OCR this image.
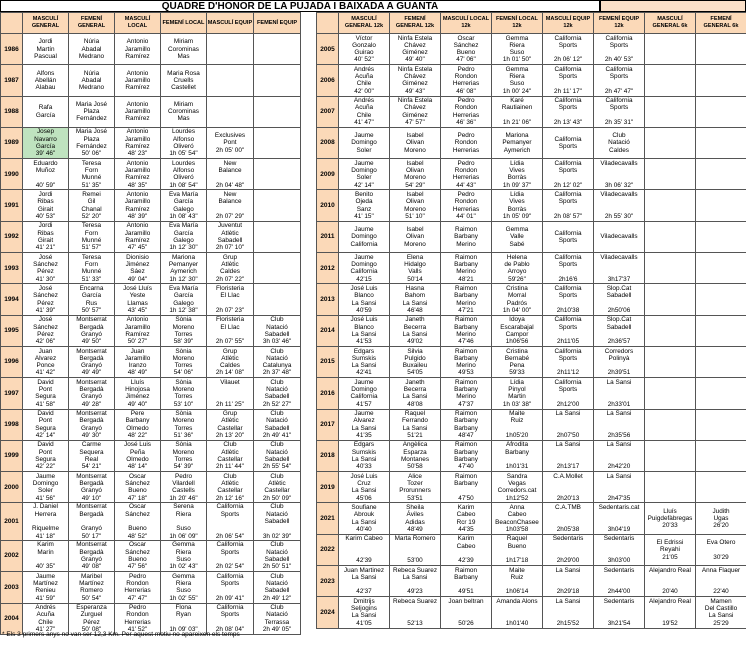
QUADRE D'HONOR DE LA PUJADA I BAIXADA A GUANTA
	MASCULÍ GENERAL	FEMENÍ GENERAL	MASCULÍ LOCAL	FEMENÍ LOCAL	MASCULÍ EQUIP	FEMENÍ EQUIP
1986	Jordi
Martín
Pascual	Núria
Abadal
Medrano	Antonio
Jaramillo
Ramírez	Miriam
Corominas
Mas		
1987	Alfons
Abellán
Alabau	Núria
Abadal
Medrano	Antonio
Jaramillo
Ramírez	Maria Rosa
Cruells
Castellet		
1988	Rafa
García	Maria José
Plaza
Fernández	Antonio
Jaramillo
Ramírez	Miriam
Corominas
Mas		
1989	Josep
Navarro
García
39' 46"	Maria José
Plaza
Fernández
50' 06"	Antonio
Jaramillo
Ramírez
48' 23"	Lourdes
Alfonso
Oliveró
1h 05' 54"	Exclusives
Pont
2h 05' 00"	
1990	Eduardo
Muñoz

40' 59"	Teresa
Forn
Munné
51' 35"	Antonio
Jaramillo
Ramírez
48' 35"	Lourdes
Alfonso
Oliveró
1h 08' 54"	New
Balance

2h 04' 48"	
1991	Jordi
Ribas
Girait
40' 53"	Remei
Gil
Chanal
52' 20"	Antonio
Jaramillo
Ramírez
48' 39"	Eva María
García
Galego
1h 08' 43"	New
Balance

2h 07' 29"	
1992	Jordi
Ribas
Girait
41' 21"	Teresa
Forn
Munné
51' 57"	Antonio
Jaramillo
Ramírez
47' 45"	Eva María
García
Galego
1h 12' 30"	Juventut
Atlètic
Sabadell
2h 07' 10"	
1993	José
Sánchez
Pérez
41' 30"	Teresa
Forn
Munné
51' 33"	Dionisio
Jiménez
Sáez
49' 04"	Mariona
Pemanyer
Aymerich
1h 12' 30"	Grup
Atlètic
Caldes
2h 07' 22"	
1994	José
Sánchez
Pérez
41' 39"	Encarna
García
Rus
50' 57"	José Lluís
Yeste
Llamas
43' 45"	Eva María
García
Galego
1h 12' 38"	Floristeria
El Llac

2h 07' 23"	
1995	José
Sánchez
Pérez
42' 06"	Montserrat
Bergadà
Granyó
49' 50"	Antonio
Jaramillo
Ramírez
50' 27"	Sònia
Moreno
Torres
58' 39"	Floristeria
El Llac

2h 07' 55"	Club
Natació
Sabadell
3h 03' 46"
1996	Juan
Alvarez
Ponce
41' 42"	Montserrat
Bergadà
Granyó
49' 49"	Juan
Jaramillo
Iranzo
48' 49"	Sònia
Moreno
Torres
54' 06"	Grup
Atlètic
Caldes
2h 14' 08"	Club
Natació
Catalunya
2h 37' 48"
1997	David
Pont
Segura
41' 58"	Montserrat
Bergadà
Granyó
49' 28"	Lluís
Hinojosa
Jiménez
49' 40"	Sònia
Moreno
Torres
53' 10"	Vilauet

2h 11' 25"	Club
Natació
Sabadell
2h 52' 27"
1998	David
Pont
Segura
42' 14"	Montserrat
Bergadà
Granyó
49' 30"	Pere
Barbany
Olmedo
48' 22"	Sònia
Moreno
Torres
51' 36"	Grup
Atlètic
Castellar
2h 13' 20"	Club
Natació
Sabadell
2h 49' 41"
1999	David
Pont
Segura
42' 22"	Carme
Sequera
Real
54' 21"	José Luis
Peña
Olmedo
48' 14"	Sònia
Moreno
Torres
54' 39"	Club
Atlètic
Castellar
2h 11' 44"	Club
Natació
Sabadell
2h 55' 54"
2000	Jaume
Domingo
Soler
41' 56"	Montserrat
Bergadà
Granyó
49' 10"	Oscar
Sánchez
Bueno
47' 18"	Pedro
Vilardell
Castells
1h 20' 46"	Club
Atlètic
Castellar
2h 12' 16"	Club
Atlètic
Castellar
2h 50' 09"
2001	J. Daniel
Herrera

Riquelme
41' 18"	Montserrat
Bergadà

Granyó
50' 17"	Oscar
Sánchez

Bueno
48' 52"	Serena
Riera

Suso
1h 06' 09"	California
Sports

2h 06' 54"	Club
Natació
Sabadell

3h 02' 39"
2002	Karim
Marín

40' 35"	Montserrat
Bergadà
Granyó
49' 08"	Oscar
Sánchez
Bueno
47' 56"	Gemma
Riera
Suso
1h 02' 43"	California
Sports

2h 02' 54"	Club
Natació
Sabadell
2h 50' 51"
2003	Jaume
Martínez
Renieu
41' 59"	Maribel
Martínez
Romero
50' 54"	Pedro
Rondon
Herrerias
47' 47"	Gemma
Riera
Suso
1h 02' 55"	California
Sports

2h 09' 41"	Club
Natació
Sabadell
2h 49' 12"
2004	Andrés
Acuña
Chile
41' 27"	Esperanza
Zurguel
Pérez
50' 08"	Pedro
Rondon
Herrerias
41' 52"	Flona
Ryan

1h 09' 03"	California
Sports

2h 08' 04"	Club
Natació
Terrassa
2h 49' 05"
	MASCULÍ GENERAL 12k	FEMENÍ GENERAL 12k	MASCULÍ LOCAL 12k	FEMENÍ LOCAL 12k	MASCULÍ EQUIP 12k	FEMENÍ EQUIP 12k	MASCULÍ GENERAL 6k	FEMENÍ GENERAL 6k
2005	Víctor
Gonzalo
Guirao
40' 52"	Ninfa Estela
Chávez
Giménez
49' 40"	Oscar
Sánchez
Bueno
47' 06"	Gemma
Riera
Suso
1h 01' 50"	California
Sports

2h 06' 12"	California
Sports

2h 40' 53"		
2006	Andrés
Acuña
Chile
42' 00"	Ninfa Estela
Chávez
Giménez
49' 43"	Pedro
Rondon
Herrerias
46' 08"	Gemma
Riera
Suso
1h 00' 24"	California
Sports

2h 11' 17"	California
Sports

2h 47' 47"		
2007	Andrés
Acuña
Chile
41' 47"	Ninfa Estela
Chávez
Giménez
47' 57"	Pedro
Rondon
Herrerias
46' 36"	Karé
Rautiainen

1h 21' 06"	California
Sports

2h 13' 43"	California
Sports

2h 35' 31"		
2008	Jaume
Domingo
Soler	Isabel
Olivan
Moreno	Pedro
Rondon
Herrerias	Mariona
Pemanyer
Aymerich	California
Sports	Club
Natació
Caldes		
2009	Jaume
Domingo
Soler
42' 14"	Isabel
Olivan
Moreno
54' 29"	Pedro
Rondon
Herrerias
44' 43"	Lídia
Vives
Borràs
1h 09' 37"	California
Sports

2h 12' 02"	Viladecavalls

3h 06' 32"		
2010	Benito
Ojeda
Sanz
41' 15"	Isabel
Olivan
Moreno
51' 10"	Pedro
Rondon
Herrerias
44' 01"	Lídia
Vives
Borràs
1h 05' 09"	California
Sports

2h 08' 57"	Viladecavalls

2h 55' 30"		
2011	Jaume
Domingo
California	Isabel
Olivan
Moreno	Raimon
Barbany
Merino	Gemma
Valle
Sabé	California
Sports	Viladecavalls		
2012	Jaume
Domingo
California
42'15	Elena
Hidalgo
Valls
50'14	Raimon
Barbany
Merino
48'21	Helena
de Pablo
Arroyo
59'26"	California
Sports

2h16'6	Viladecavalls

3h17'37		
2013	José Luis
Blanco
La Sansi
40'59	Hasna
Bahom
La Sansi
46'48	Raimon
Barbany
Merino
47'21	Cristina
Morral
Padrós
1h 04' 00"	California
Sports

2h10'38	Slop.Cat
Sabadell

2h50'06		
2014	José Luis
Blanco
La Sansi
41'53	Janeth
Becerra
La Sansi
49'02	Raimon
Barbany
Merino
47'46	Idoya
Escarabajal
Campor
1h06'56	California
Sports

2h11'05	Slop.Cat
Sabadell

2h36'57		
2015	Edgars
Sumskis
La Sansi
42'41	Silvia
Pulgido
Buxaileu
54'05	Raimon
Barbany
Merino
49'53	Cristina
Bernabé
Pena
59'33	California
Sports

2h11'12	Corredors
Polinyà

2h39'51		
2016	Jaume
Domingo
California
41'57	Janeth
Becerra
La Sansi
48'08	Raimon
Barbany
Merino
47'37	Lídia
Pinyol
Martin
1h 03' 38"	California
Sports

2h12'00	La Sansi

2h33'01		
2017	Jaume
Alvarez
La Sansi
41'35	Raquel
Ferrando
La Sansi
51'21	Raimon
Barbany
Barbany
48'47	Maite
Ruiz

1h05'20	La Sansi

2h07'50	La Sansi

2h35'56		
2018	Edgars
Sumskis
La Sansi
40'33	Angèlica
Esparza
Montanes
50'58	Raimon
Barbany
Barbany
47'40	Afrodita
Barbany

1h01'31	La Sansi

2h13'17	La Sansi

2h42'20		
2019	José Luis
Cruz
La Sansi
45'06	Alice
Tozer
Prorunners
53'51	Raimon
Barbany

47'50	Sandra
Vegas
Corredors.cat
1h12'52	C.A.Mollet

2h20'13	La Sansi

2h47'35		
2021	Soufiane
Abrouk
La Sansi
40'40	Sheila
Áviles
Adidas
48'49	Karim
Cabeo
Rcr 19
44'35	Anna
Cabeo
BeaconChasee
1h03'58	C.A.TMB

2h05'38	Sedentaris.cat

3h04'19	Lluís
Puigdefàbregas
20'33	Judith
Ugas
26'20
2022	Karim Cabeo

42'39	Marta Romero

53'00	Karim
Cabeo

42'39	Raquel
Bueno

1h17'18	Sedentaris

2h29'00	Sedentaris

3h03'00	El Edrissi
Reyahi
21'05	Eva Otero

30'29
2023	Juan Martinez
La Sansi

42'37	Rebeca Suarez
La Sansi

49'23	Raimon
Barbany

49'51	Maite
Ruiz

1h06'14	La Sansi

2h29'18	Sedentaris

2h44'00	Alejandro Real

20'40	Anna Flaquer

22'40
2024	Dmitrijs
Seljogins
La Sansi
41'05	Rebeca Suarez

52'13	Joan beltran

50'26	Amanda Alons

1h01'40	La Sansi

2h15'52	Sedentaris

3h21'54	Alejandro Real

19'52	Mamen
Del Castillo
La Sansi
25'29
* Els 3 primers anys no van ser 12,3 Km. Per aquest motiu no apareixen els temps
